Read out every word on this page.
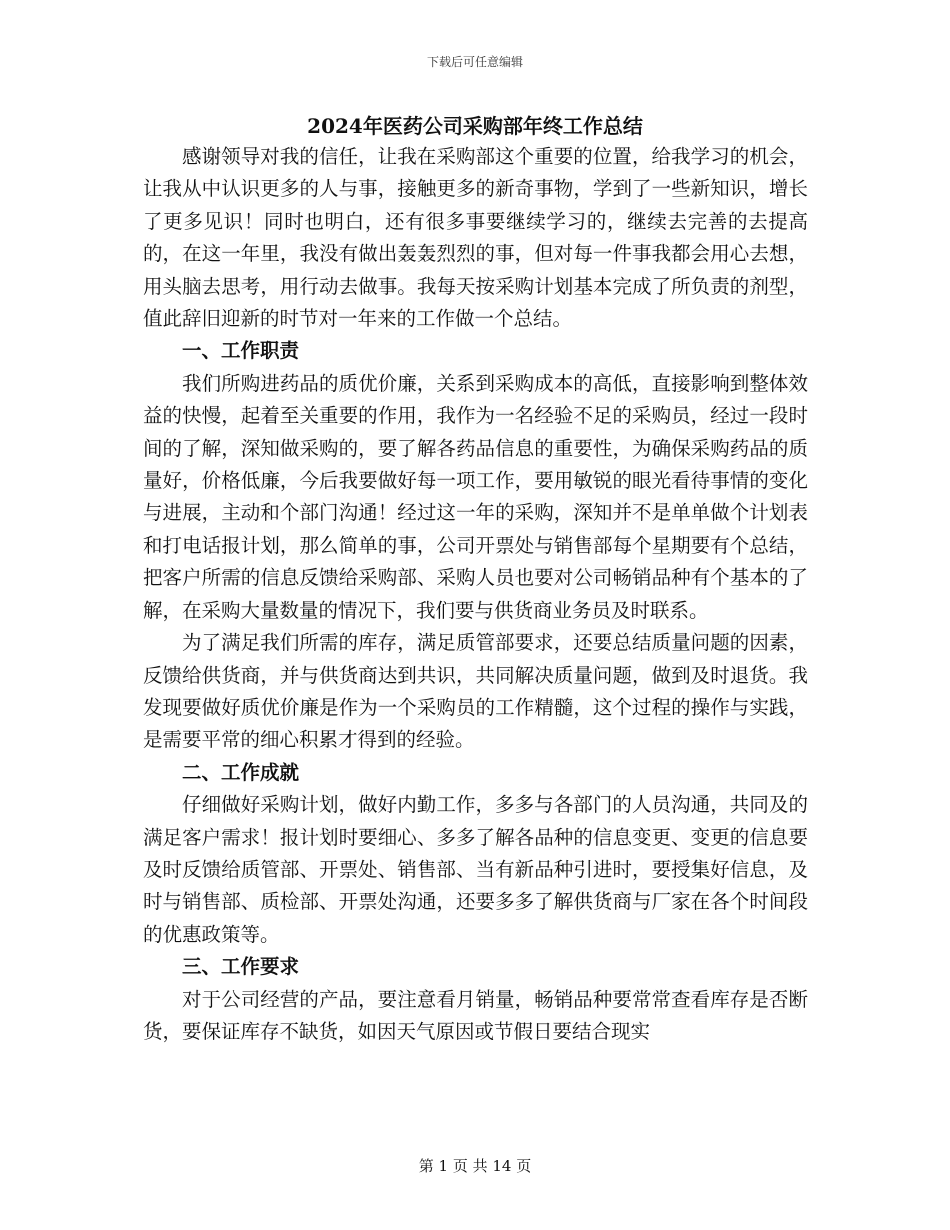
下载后可任意编辑
2024年医药公司采购部年终工作总结

感谢领导对我的信任，让我在采购部这个重要的位置，给我学习的机会，让我从中认识更多的人与事，接触更多的新奇事物，学到了一些新知识，增长了更多见识！同时也明白，还有很多事要继续学习的，继续去完善的去提高的，在这一年里，我没有做出轰轰烈烈的事，但对每一件事我都会用心去想，用头脑去思考，用行动去做事。我每天按采购计划基本完成了所负责的剂型，值此辞旧迎新的时节对一年来的工作做一个总结。

一、工作职责

我们所购进药品的质优价廉，关系到采购成本的高低，直接影响到整体效益的快慢，起着至关重要的作用，我作为一名经验不足的采购员，经过一段时间的了解，深知做采购的，要了解各药品信息的重要性，为确保采购药品的质量好，价格低廉，今后我要做好每一项工作，要用敏锐的眼光看待事情的变化与进展，主动和个部门沟通！经过这一年的采购，深知并不是单单做个计划表和打电话报计划，那么简单的事，公司开票处与销售部每个星期要有个总结，把客户所需的信息反馈给采购部、采购人员也要对公司畅销品种有个基本的了解，在采购大量数量的情况下，我们要与供货商业务员及时联系。

为了满足我们所需的库存，满足质管部要求，还要总结质量问题的因素，反馈给供货商，并与供货商达到共识，共同解决质量问题，做到及时退货。我发现要做好质优价廉是作为一个采购员的工作精髓，这个过程的操作与实践，是需要平常的细心积累才得到的经验。

二、工作成就

仔细做好采购计划，做好内勤工作，多多与各部门的人员沟通，共同及的满足客户需求！报计划时要细心、多多了解各品种的信息变更、变更的信息要及时反馈给质管部、开票处、销售部、当有新品种引进时，要授集好信息，及时与销售部、质检部、开票处沟通，还要多多了解供货商与厂家在各个时间段的优惠政策等。

三、工作要求

对于公司经营的产品，要注意看月销量，畅销品种要常常查看库存是否断货，要保证库存不缺货，如因天气原因或节假日要结合现实

第 1 页 共 14 页
